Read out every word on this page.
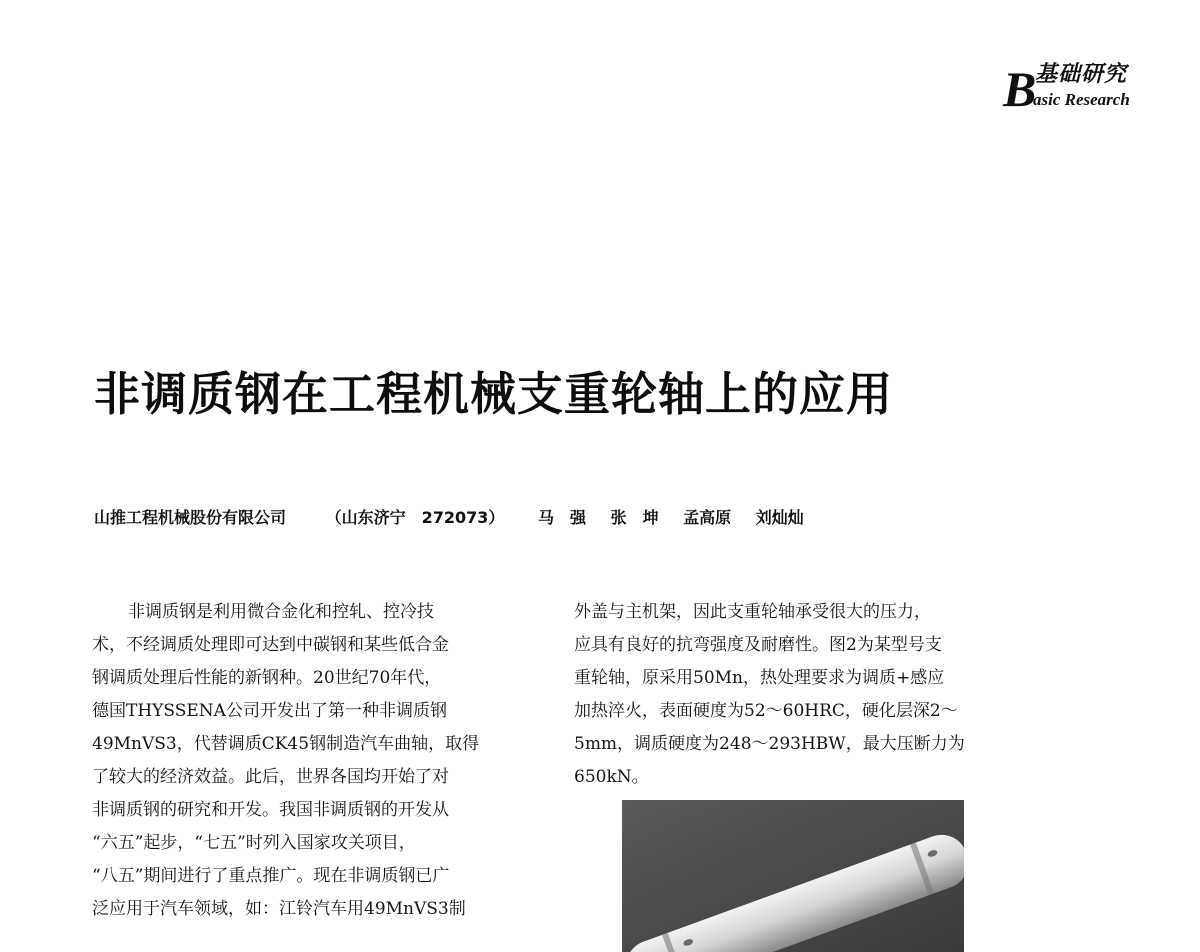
B
基础研究
asic Research
非调质钢在工程机械支重轮轴上的应用
山推工程机械股份有限公司 （山东济宁　272073） 马　强 张　坤 孟高原 刘灿灿
非调质钢是利用微合金化和控轧、控冷技
术，不经调质处理即可达到中碳钢和某些低合金
钢调质处理后性能的新钢种。20世纪70年代，
德国THYSSENA公司开发出了第一种非调质钢
49MnVS3，代替调质CK45钢制造汽车曲轴，取得
了较大的经济效益。此后，世界各国均开始了对
非调质钢的研究和开发。我国非调质钢的开发从
“六五”起步，“七五”时列入国家攻关项目，
“八五”期间进行了重点推广。现在非调质钢已广
泛应用于汽车领域，如：江铃汽车用49MnVS3制
外盖与主机架，因此支重轮轴承受很大的压力，
应具有良好的抗弯强度及耐磨性。图2为某型号支
重轮轴，原采用50Mn，热处理要求为调质+感应
加热淬火，表面硬度为52～60HRC，硬化层深2～
5mm，调质硬度为248～293HBW，最大压断力为
650kN。
